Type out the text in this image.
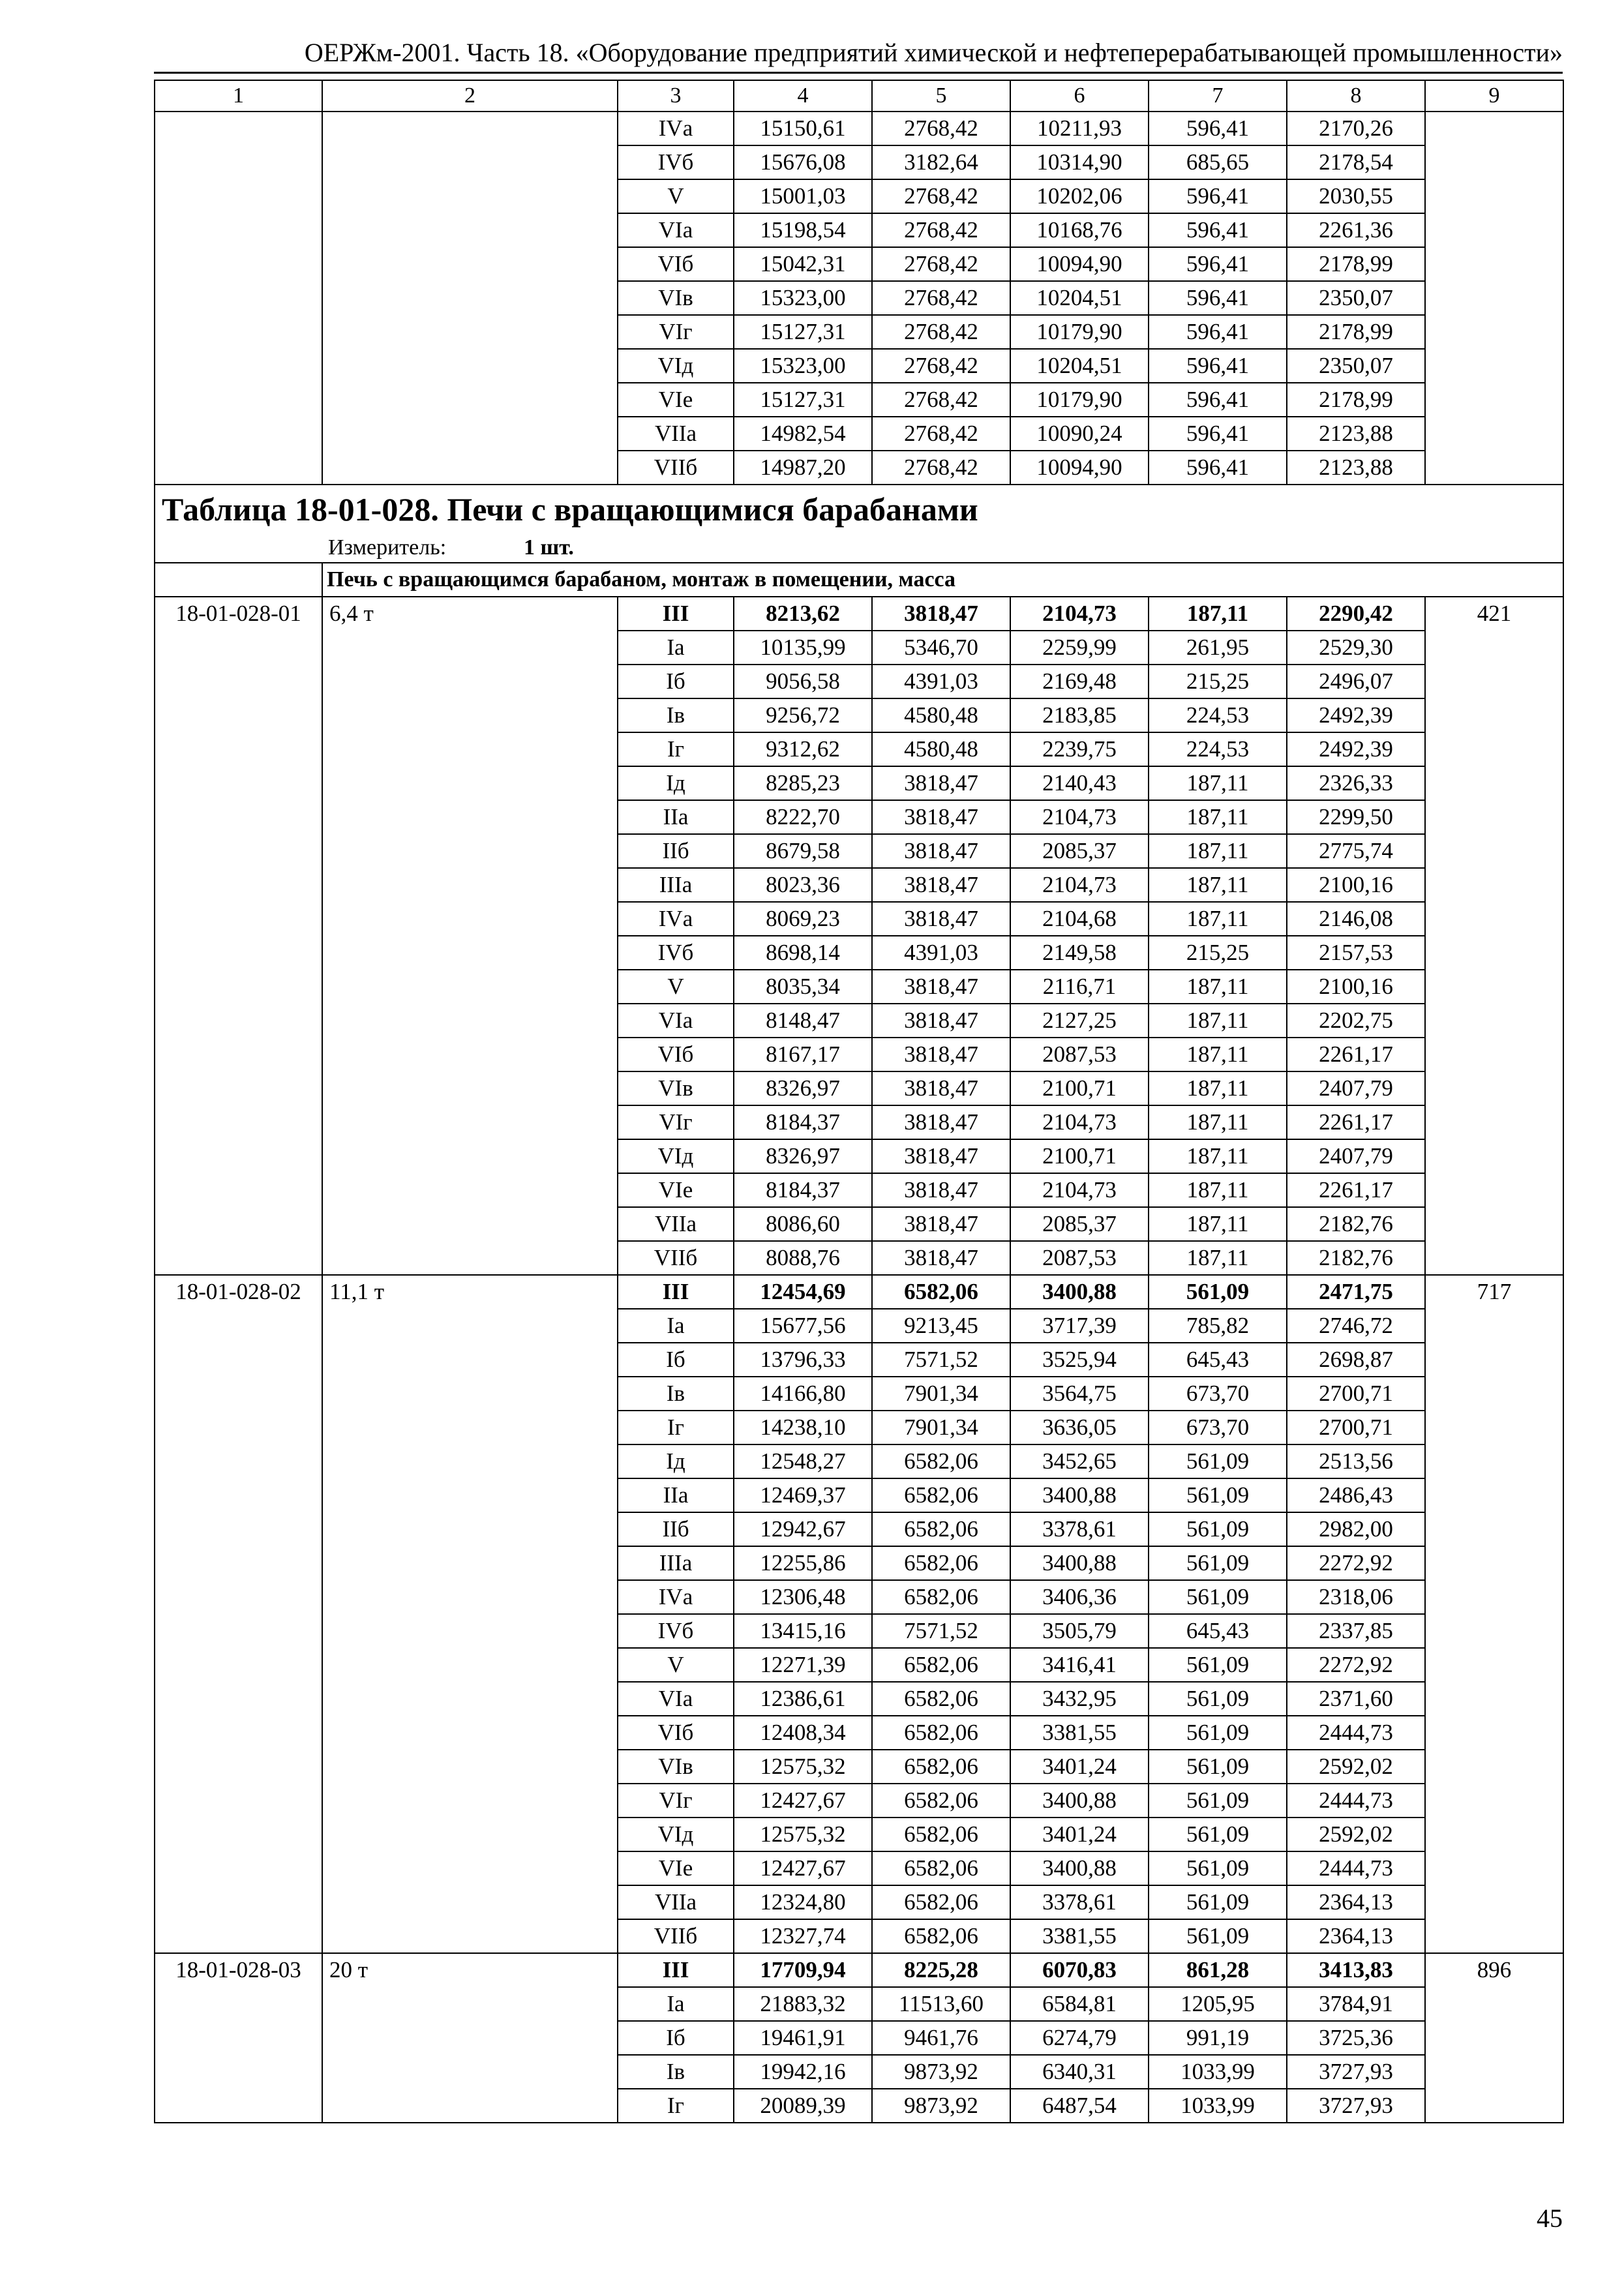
ОЕРЖм-2001. Часть 18. «Оборудование предприятий химической и нефтеперерабатывающей промышленности»
1	2	3	4	5	6	7	8	9
		IVа	15150,61	2768,42	10211,93	596,41	2170,26	
		IVб	15676,08	3182,64	10314,90	685,65	2178,54	
		V	15001,03	2768,42	10202,06	596,41	2030,55	
		VIа	15198,54	2768,42	10168,76	596,41	2261,36	
		VIб	15042,31	2768,42	10094,90	596,41	2178,99	
		VIв	15323,00	2768,42	10204,51	596,41	2350,07	
		VIг	15127,31	2768,42	10179,90	596,41	2178,99	
		VIд	15323,00	2768,42	10204,51	596,41	2350,07	
		VIе	15127,31	2768,42	10179,90	596,41	2178,99	
		VIIа	14982,54	2768,42	10090,24	596,41	2123,88	
		VIIб	14987,20	2768,42	10094,90	596,41	2123,88	
Таблица 18-01-028. Печи с вращающимися барабанами								
Измеритель: 1 шт.								
	Печь с вращающимся барабаном, монтаж в помещении, масса							
18-01-028-01	6,4 т	III	8213,62	3818,47	2104,73	187,11	2290,42	421
		Iа	10135,99	5346,70	2259,99	261,95	2529,30	
		Iб	9056,58	4391,03	2169,48	215,25	2496,07	
		Iв	9256,72	4580,48	2183,85	224,53	2492,39	
		Iг	9312,62	4580,48	2239,75	224,53	2492,39	
		Iд	8285,23	3818,47	2140,43	187,11	2326,33	
		IIа	8222,70	3818,47	2104,73	187,11	2299,50	
		IIб	8679,58	3818,47	2085,37	187,11	2775,74	
		IIIа	8023,36	3818,47	2104,73	187,11	2100,16	
		IVа	8069,23	3818,47	2104,68	187,11	2146,08	
		IVб	8698,14	4391,03	2149,58	215,25	2157,53	
		V	8035,34	3818,47	2116,71	187,11	2100,16	
		VIа	8148,47	3818,47	2127,25	187,11	2202,75	
		VIб	8167,17	3818,47	2087,53	187,11	2261,17	
		VIв	8326,97	3818,47	2100,71	187,11	2407,79	
		VIг	8184,37	3818,47	2104,73	187,11	2261,17	
		VIд	8326,97	3818,47	2100,71	187,11	2407,79	
		VIе	8184,37	3818,47	2104,73	187,11	2261,17	
		VIIа	8086,60	3818,47	2085,37	187,11	2182,76	
		VIIб	8088,76	3818,47	2087,53	187,11	2182,76	
18-01-028-02	11,1 т	III	12454,69	6582,06	3400,88	561,09	2471,75	717
		Iа	15677,56	9213,45	3717,39	785,82	2746,72	
		Iб	13796,33	7571,52	3525,94	645,43	2698,87	
		Iв	14166,80	7901,34	3564,75	673,70	2700,71	
		Iг	14238,10	7901,34	3636,05	673,70	2700,71	
		Iд	12548,27	6582,06	3452,65	561,09	2513,56	
		IIа	12469,37	6582,06	3400,88	561,09	2486,43	
		IIб	12942,67	6582,06	3378,61	561,09	2982,00	
		IIIа	12255,86	6582,06	3400,88	561,09	2272,92	
		IVа	12306,48	6582,06	3406,36	561,09	2318,06	
		IVб	13415,16	7571,52	3505,79	645,43	2337,85	
		V	12271,39	6582,06	3416,41	561,09	2272,92	
		VIа	12386,61	6582,06	3432,95	561,09	2371,60	
		VIб	12408,34	6582,06	3381,55	561,09	2444,73	
		VIв	12575,32	6582,06	3401,24	561,09	2592,02	
		VIг	12427,67	6582,06	3400,88	561,09	2444,73	
		VIд	12575,32	6582,06	3401,24	561,09	2592,02	
		VIе	12427,67	6582,06	3400,88	561,09	2444,73	
		VIIа	12324,80	6582,06	3378,61	561,09	2364,13	
		VIIб	12327,74	6582,06	3381,55	561,09	2364,13	
18-01-028-03	20 т	III	17709,94	8225,28	6070,83	861,28	3413,83	896
		Iа	21883,32	11513,60	6584,81	1205,95	3784,91	
		Iб	19461,91	9461,76	6274,79	991,19	3725,36	
		Iв	19942,16	9873,92	6340,31	1033,99	3727,93	
		Iг	20089,39	9873,92	6487,54	1033,99	3727,93	
45
